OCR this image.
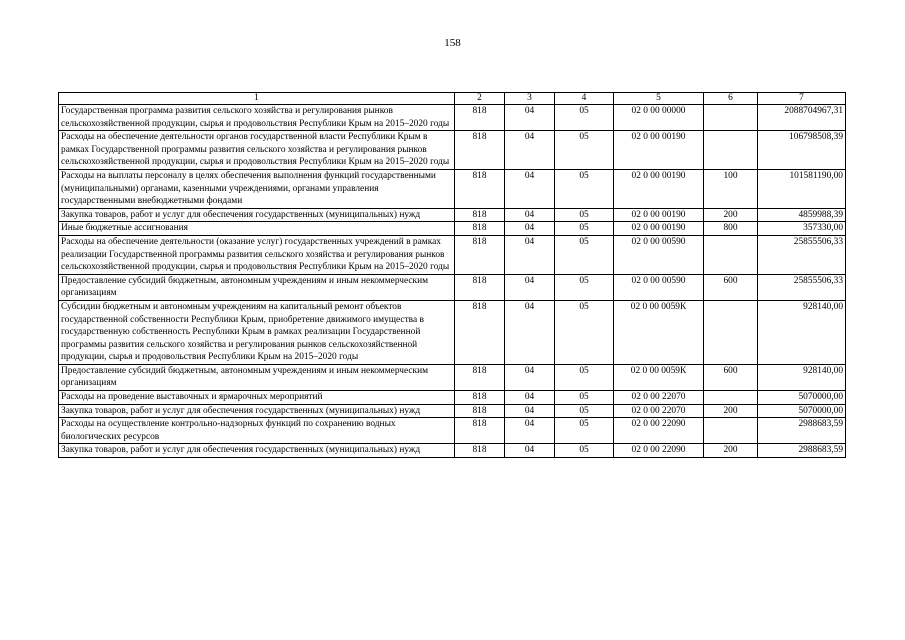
158
1	2	3	4	5	6	7
Государственная программа развития сельского хозяйства и регулирования рынков сельскохозяйственной продукции, сырья и продовольствия Республики Крым на 2015–2020 годы	818	04	05	02 0 00 00000		2088704967,31
Расходы на обеспечение деятельности органов государственной власти Республики Крым в рамках Государственной программы развития сельского хозяйства и регулирования рынков сельскохозяйственной продукции, сырья и продовольствия Республики Крым на 2015–2020 годы	818	04	05	02 0 00 00190		106798508,39
Расходы на выплаты персоналу в целях обеспечения выполнения функций государственными (муниципальными) органами, казенными учреждениями, органами управления государственными внебюджетными фондами	818	04	05	02 0 00 00190	100	101581190,00
Закупка товаров, работ и услуг для обеспечения государственных (муниципальных) нужд	818	04	05	02 0 00 00190	200	4859988,39
Иные бюджетные ассигнования	818	04	05	02 0 00 00190	800	357330,00
Расходы на обеспечение деятельности (оказание услуг) государственных учреждений в рамках реализации Государственной программы развития сельского хозяйства и регулирования рынков сельскохозяйственной продукции, сырья и продовольствия Республики Крым на 2015–2020 годы	818	04	05	02 0 00 00590		25855506,33
Предоставление субсидий бюджетным, автономным учреждениям и иным некоммерческим организациям	818	04	05	02 0 00 00590	600	25855506,33
Субсидии бюджетным и автономным учреждениям на капитальный ремонт объектов государственной собственности Республики Крым, приобретение движимого имущества в государственную собственность Республики Крым в рамках реализации Государственной программы развития сельского хозяйства и регулирования рынков сельскохозяйственной продукции, сырья и продовольствия Республики Крым на 2015–2020 годы	818	04	05	02 0 00 0059К		928140,00
Предоставление субсидий бюджетным, автономным учреждениям и иным некоммерческим организациям	818	04	05	02 0 00 0059К	600	928140,00
Расходы на проведение выставочных и ярмарочных мероприятий	818	04	05	02 0 00 22070		5070000,00
Закупка товаров, работ и услуг для обеспечения государственных (муниципальных) нужд	818	04	05	02 0 00 22070	200	5070000,00
Расходы на осуществление контрольно-надзорных функций по сохранению водных биологических ресурсов	818	04	05	02 0 00 22090		2988683,59
Закупка товаров, работ и услуг для обеспечения государственных (муниципальных) нужд	818	04	05	02 0 00 22090	200	2988683,59
